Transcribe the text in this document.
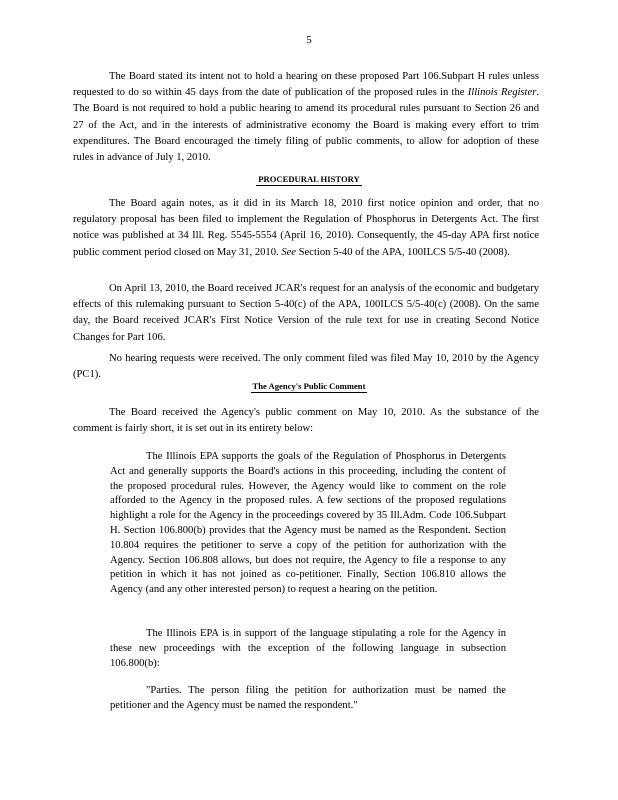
5

The Board stated its intent not to hold a hearing on these proposed Part 106.Subpart H rules unless requested to do so within 45 days from the date of publication of the proposed rules in the Illinois Register. The Board is not required to hold a public hearing to amend its procedural rules pursuant to Section 26 and 27 of the Act, and in the interests of administrative economy the Board is making every effort to trim expenditures. The Board encouraged the timely filing of public comments, to allow for adoption of these rules in advance of July 1, 2010.

PROCEDURAL HISTORY

The Board again notes, as it did in its March 18, 2010 first notice opinion and order, that no regulatory proposal has been filed to implement the Regulation of Phosphorus in Detergents Act. The first notice was published at 34 Ill. Reg. 5545-5554 (April 16, 2010). Consequently, the 45-day APA first notice public comment period closed on May 31, 2010. See Section 5-40 of the APA, 100ILCS 5/5-40 (2008).

On April 13, 2010, the Board received JCAR's request for an analysis of the economic and budgetary effects of this rulemaking pursuant to Section 5-40(c) of the APA, 100ILCS 5/5-40(c) (2008). On the same day, the Board received JCAR's First Notice Version of the rule text for use in creating Second Notice Changes for Part 106.

No hearing requests were received. The only comment filed was filed May 10, 2010 by the Agency (PC1).

The Agency's Public Comment

The Board received the Agency's public comment on May 10, 2010. As the substance of the comment is fairly short, it is set out in its entirety below:

The Illinois EPA supports the goals of the Regulation of Phosphorus in Detergents Act and generally supports the Board's actions in this proceeding, including the content of the proposed procedural rules. However, the Agency would like to comment on the role afforded to the Agency in the proposed rules. A few sections of the proposed regulations highlight a role for the Agency in the proceedings covered by 35 Ill.Adm. Code 106.Subpart H. Section 106.800(b) provides that the Agency must be named as the Respondent. Section 10.804 requires the petitioner to serve a copy of the petition for authorization with the Agency. Section 106.808 allows, but does not require, the Agency to file a response to any petition in which it has not joined as co-petitioner. Finally, Section 106.810 allows the Agency (and any other interested person) to request a hearing on the petition.

The Illinois EPA is in support of the language stipulating a role for the Agency in these new proceedings with the exception of the following language in subsection 106.800(b):

"Parties. The person filing the petition for authorization must be named the petitioner and the Agency must be named the respondent."
